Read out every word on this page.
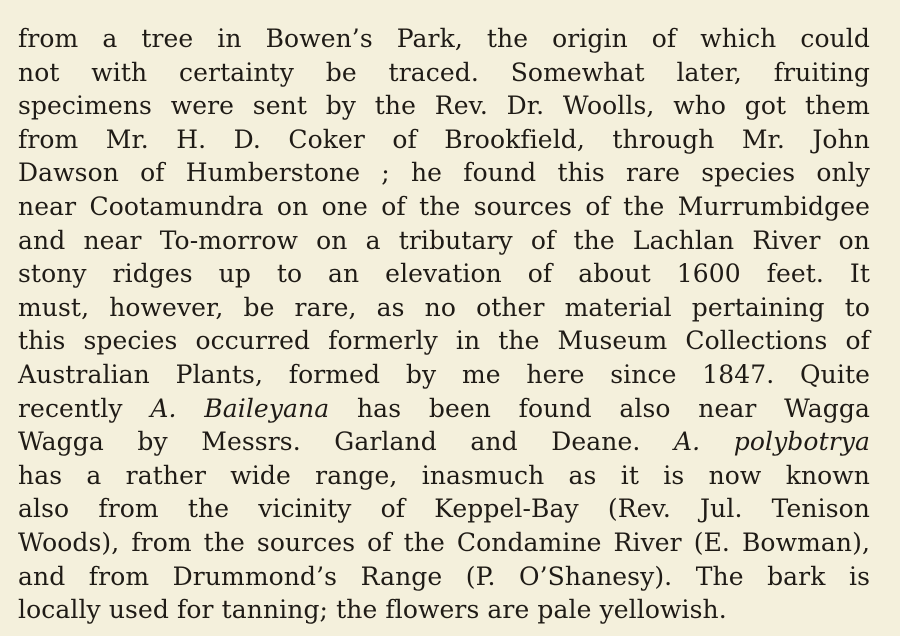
from a tree in Bowen’s Park, the origin of which could
not with certainty be traced. Somewhat later, fruiting
specimens were sent by the Rev. Dr. Woolls, who got them
from Mr. H. D. Coker of Brookfield, through Mr. John
Dawson of Humberstone ; he found this rare species only
near Cootamundra on one of the sources of the Murrumbidgee
and near To-morrow on a tributary of the Lachlan River on
stony ridges up to an elevation of about 1600 feet. It
must, however, be rare, as no other material pertaining to
this species occurred formerly in the Museum Collections of
Australian Plants, formed by me here since 1847. Quite
recently A. Baileyana has been found also near Wagga
Wagga by Messrs. Garland and Deane. A. polybotrya
has a rather wide range, inasmuch as it is now known
also from the vicinity of Keppel-Bay (Rev. Jul. Tenison
Woods), from the sources of the Condamine River (E. Bowman),
and from Drummond’s Range (P. O’Shanesy). The bark is
locally used for tanning; the flowers are pale yellowish.
